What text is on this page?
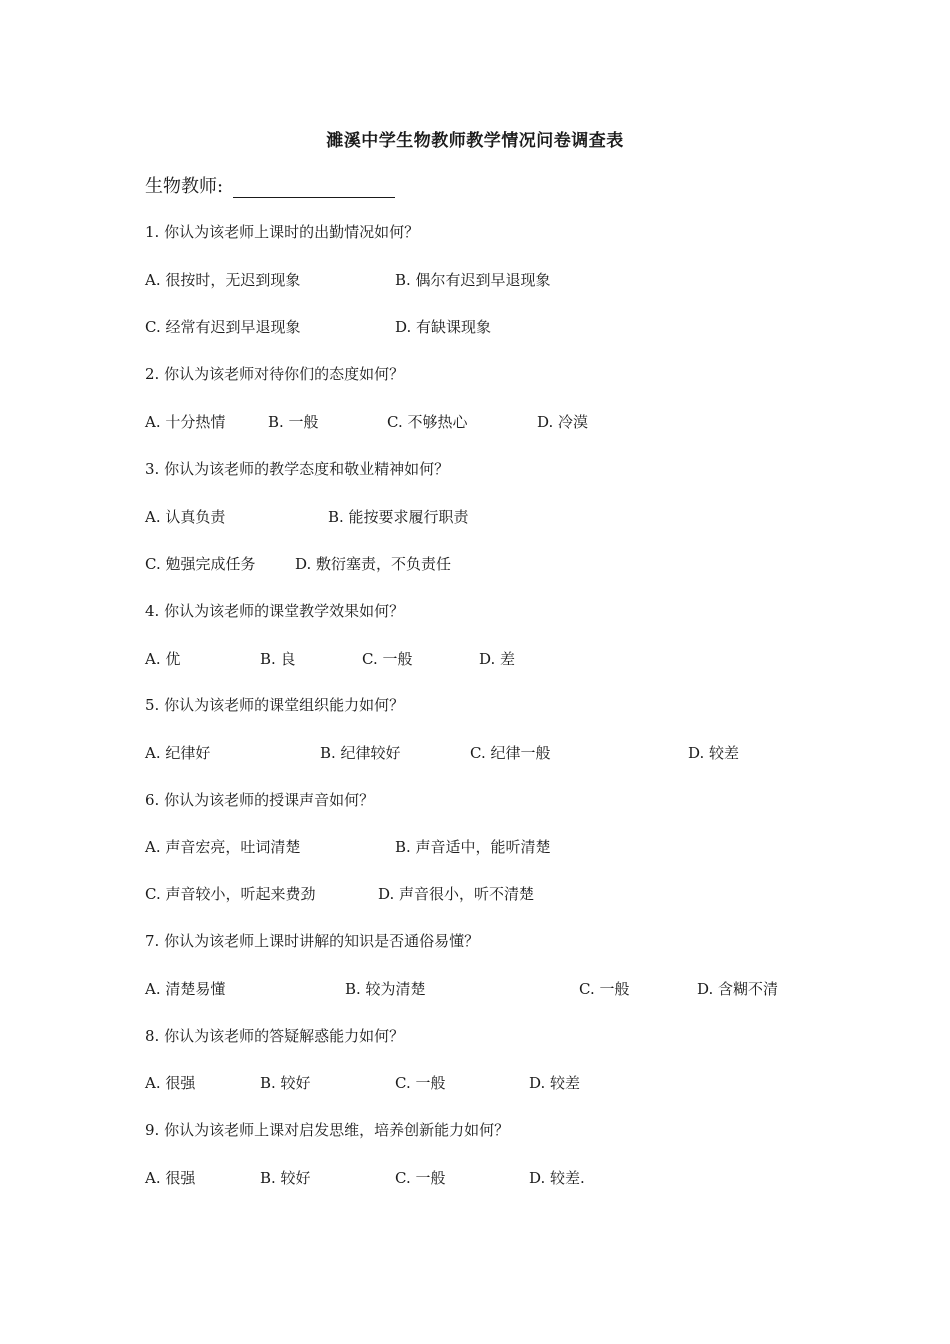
濉溪中学生物教师教学情况问卷调查表
生物教师:
1. 你认为该老师上课时的出勤情况如何？
A. 很按时，无迟到现象	B. 偶尔有迟到早退现象
C. 经常有迟到早退现象	D. 有缺课现象
2. 你认为该老师对待你们的态度如何？
A. 十分热情	B. 一般	C. 不够热心	D. 冷漠
3. 你认为该老师的教学态度和敬业精神如何？
A. 认真负责	B. 能按要求履行职责
C. 勉强完成任务	D. 敷衍塞责，不负责任
4. 你认为该老师的课堂教学效果如何？
A. 优	B. 良	C. 一般	D. 差
5. 你认为该老师的课堂组织能力如何？
A. 纪律好	B. 纪律较好	C. 纪律一般	D. 较差
6. 你认为该老师的授课声音如何？
A. 声音宏亮，吐词清楚	B. 声音适中，能听清楚
C. 声音较小，听起来费劲	D. 声音很小，听不清楚
7. 你认为该老师上课时讲解的知识是否通俗易懂？
A. 清楚易懂	B. 较为清楚	C. 一般	D. 含糊不清
8. 你认为该老师的答疑解惑能力如何？
A. 很强	B. 较好	C. 一般	D. 较差
9. 你认为该老师上课对启发思维，培养创新能力如何？
A. 很强	B. 较好	C. 一般	D. 较差.
